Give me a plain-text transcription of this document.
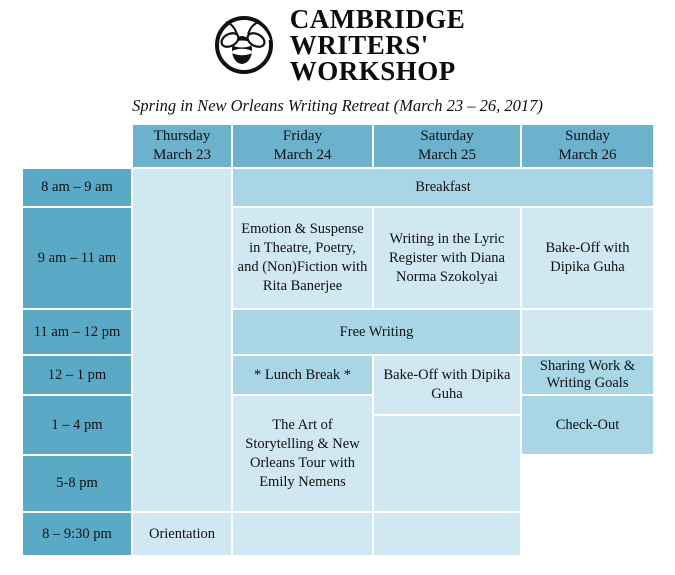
CAMBRIDGE
WRITERS'
WORKSHOP
Spring in New Orleans Writing Retreat (March 23 – 26, 2017)
Thursday
March 23
Friday
March 24
Saturday
March 25
Sunday
March 26
8 am – 9 am
9 am – 11 am
11 am – 12 pm
12 – 1 pm
1 – 4 pm
5-8 pm
8 – 9:30 pm	Orientation
Breakfast
Emotion & Suspense in Theatre, Poetry, and (Non)Fiction with Rita Banerjee
Writing in the Lyric Register with Diana Norma Szokolyai
Bake-Off with Dipika Guha
Free Writing
* Lunch Break *	Bake-Off with Dipika Guha
Sharing Work & Writing Goals
The Art of Storytelling & New Orleans Tour with Emily Nemens
Check-Out
